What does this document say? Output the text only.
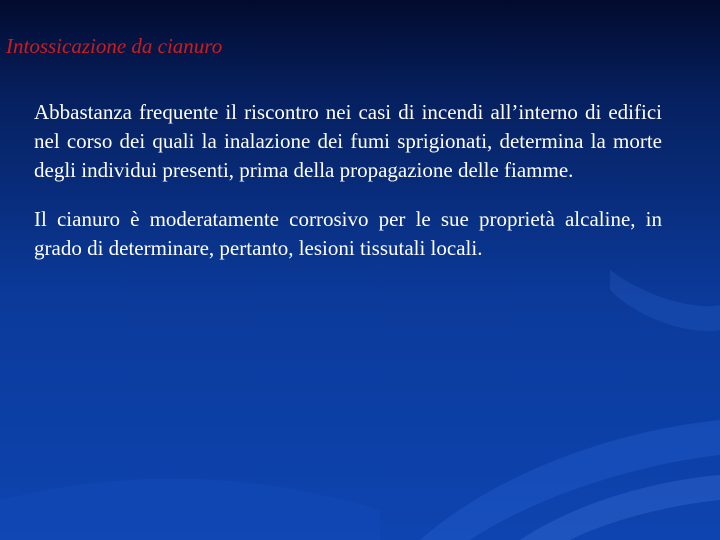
Intossicazione da cianuro

Abbastanza frequente il riscontro nei casi di incendi all’interno di edifici nel corso dei quali la inalazione dei fumi sprigionati, determina la morte degli individui presenti, prima della propagazione delle fiamme.

Il cianuro è moderatamente corrosivo per le sue proprietà alcaline, in grado di determinare, pertanto, lesioni tissutali locali.
